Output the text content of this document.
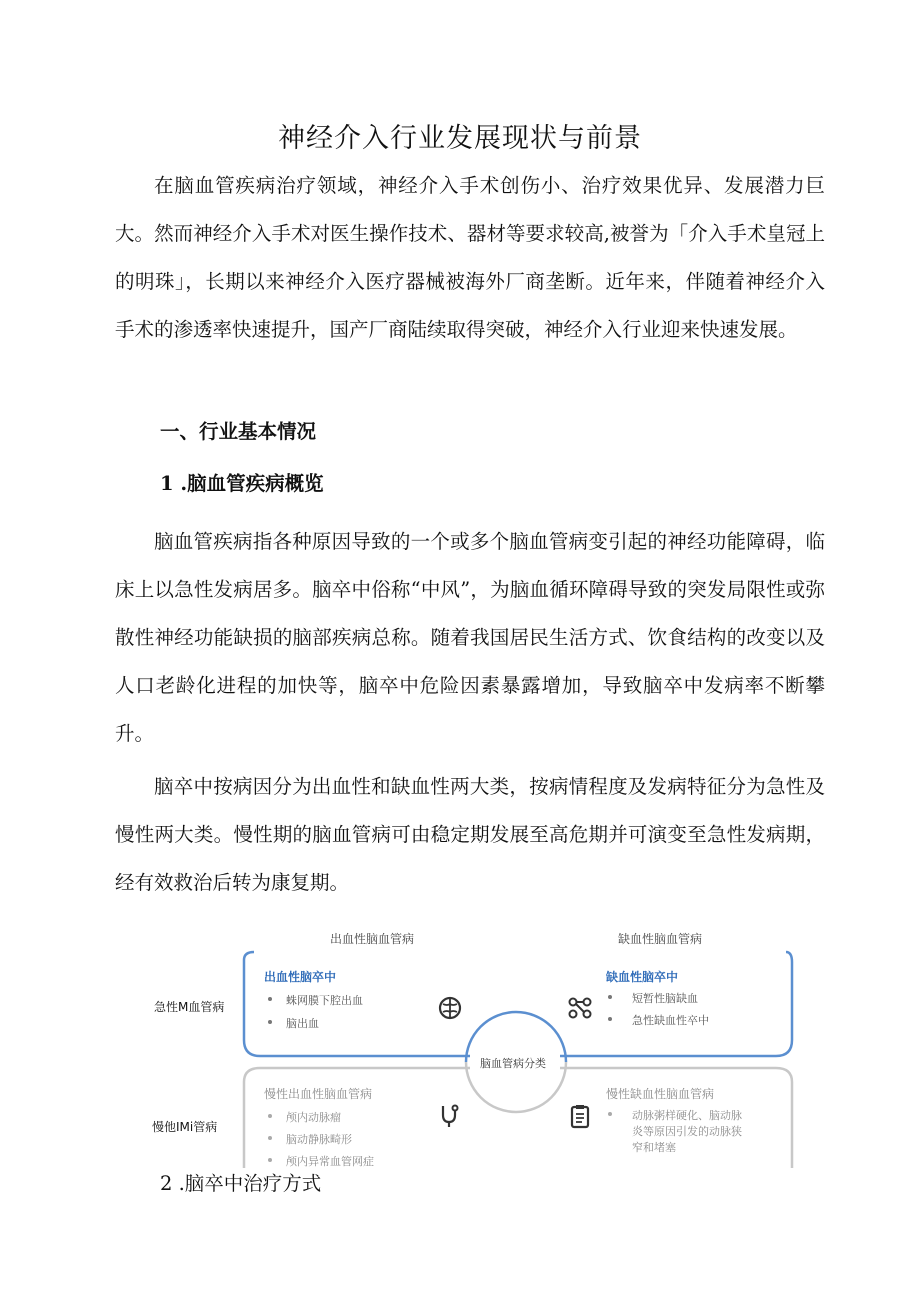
神经介入行业发展现状与前景

在脑血管疾病治疗领域，神经介入手术创伤小、治疗效果优异、发展潜力巨大。然而神经介入手术对医生操作技术、器材等要求较高,被誉为「介入手术皇冠上的明珠」，长期以来神经介入医疗器械被海外厂商垄断。近年来，伴随着神经介入手术的渗透率快速提升，国产厂商陆续取得突破，神经介入行业迎来快速发展。

一、行业基本情况

1 .脑血管疾病概览

脑血管疾病指各种原因导致的一个或多个脑血管病变引起的神经功能障碍，临床上以急性发病居多。脑卒中俗称“中风”，为脑血循环障碍导致的突发局限性或弥散性神经功能缺损的脑部疾病总称。随着我国居民生活方式、饮食结构的改变以及人口老龄化进程的加快等，脑卒中危险因素暴露增加，导致脑卒中发病率不断攀升。

脑卒中按病因分为出血性和缺血性两大类，按病情程度及发病特征分为急性及慢性两大类。慢性期的脑血管病可由稳定期发展至高危期并可演变至急性发病期，经有效救治后转为康复期。

出血性脑血管病	缺血性脑血管病
急性M血管病
慢他IMi管病
脑血管病分类
出血性脑卒中
蛛网膜下腔出血
脑出血
缺血性脑卒中
短暂性脑缺血
急性缺血性卒中
慢性出血性脑血管病
颅内动脉瘤
脑动静脉畸形
颅内异常血管网症
慢性缺血性脑血管病
动脉粥样硬化、脑动脉
炎等原因引发的动脉狭
窄和堵塞

2 .脑卒中治疗方式
